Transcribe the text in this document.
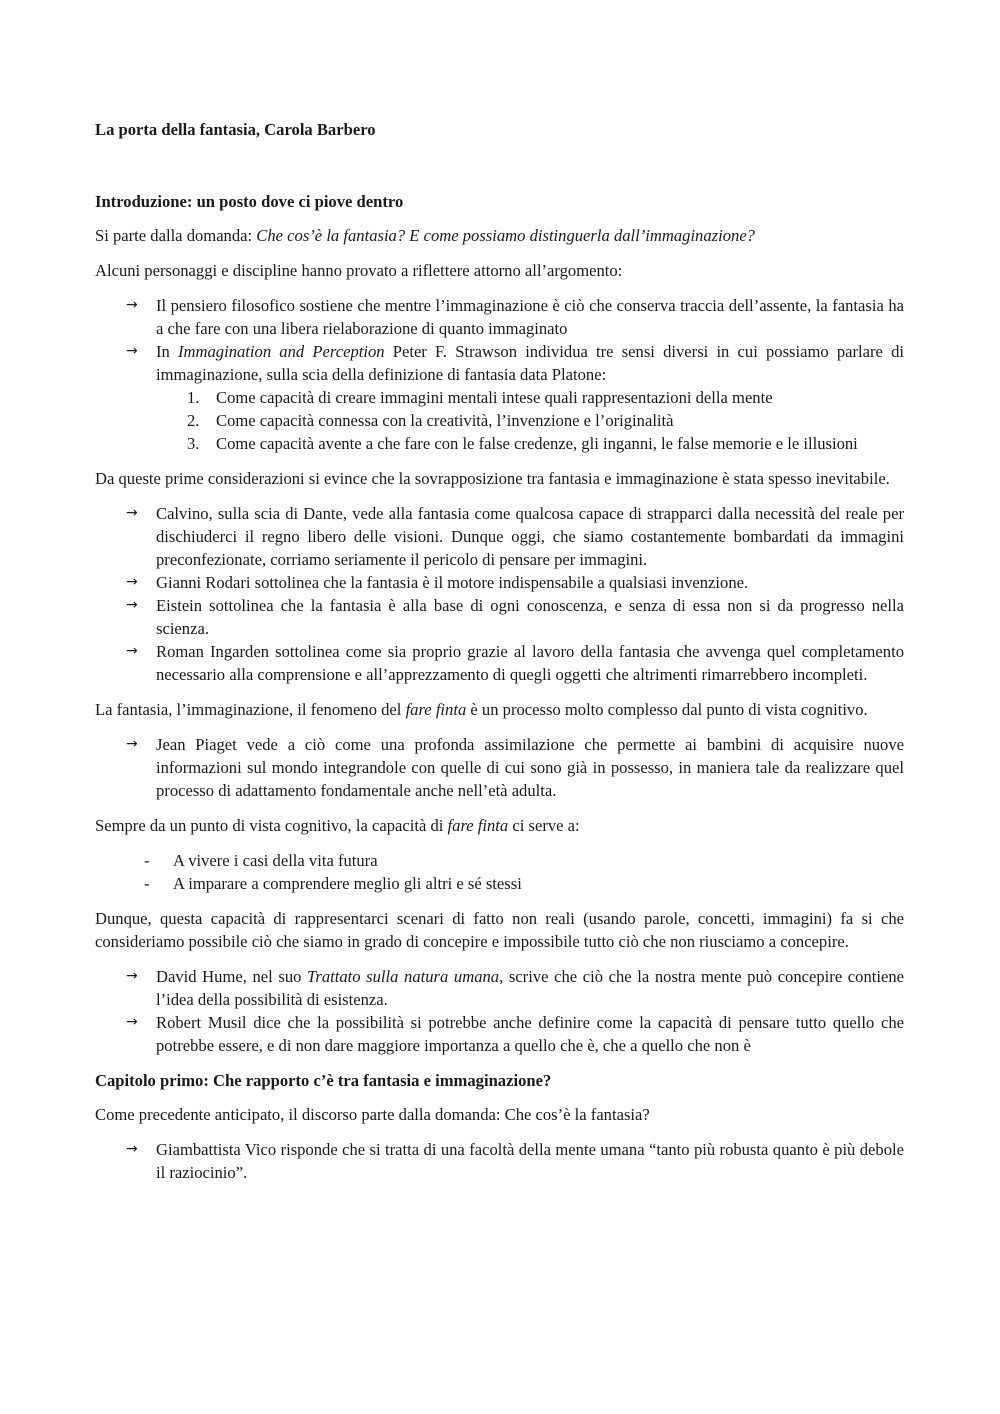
La porta della fantasia, Carola Barbero

Introduzione: un posto dove ci piove dentro

Si parte dalla domanda: Che cos’è la fantasia? E come possiamo distinguerla dall’immaginazione?

Alcuni personaggi e discipline hanno provato a riflettere attorno all’argomento:

→ Il pensiero filosofico sostiene che mentre l’immaginazione è ciò che conserva traccia dell’assente, la fantasia ha a che fare con una libera rielaborazione di quanto immaginato
→ In Immagination and Perception Peter F. Strawson individua tre sensi diversi in cui possiamo parlare di immaginazione, sulla scia della definizione di fantasia data Platone:
1. Come capacità di creare immagini mentali intese quali rappresentazioni della mente
2. Come capacità connessa con la creatività, l’invenzione e l’originalità
3. Come capacità avente a che fare con le false credenze, gli inganni, le false memorie e le illusioni

Da queste prime considerazioni si evince che la sovrapposizione tra fantasia e immaginazione è stata spesso inevitabile.

→ Calvino, sulla scia di Dante, vede alla fantasia come qualcosa capace di strapparci dalla necessità del reale per dischiuderci il regno libero delle visioni. Dunque oggi, che siamo costantemente bombardati da immagini preconfezionate, corriamo seriamente il pericolo di pensare per immagini.
→ Gianni Rodari sottolinea che la fantasia è il motore indispensabile a qualsiasi invenzione.
→ Eistein sottolinea che la fantasia è alla base di ogni conoscenza, e senza di essa non si da progresso nella scienza.
→ Roman Ingarden sottolinea come sia proprio grazie al lavoro della fantasia che avvenga quel completamento necessario alla comprensione e all’apprezzamento di quegli oggetti che altrimenti rimarrebbero incompleti.

La fantasia, l’immaginazione, il fenomeno del fare finta è un processo molto complesso dal punto di vista cognitivo.

→ Jean Piaget vede a ciò come una profonda assimilazione che permette ai bambini di acquisire nuove informazioni sul mondo integrandole con quelle di cui sono già in possesso, in maniera tale da realizzare quel processo di adattamento fondamentale anche nell’età adulta.

Sempre da un punto di vista cognitivo, la capacità di fare finta ci serve a:

- A vivere i casi della vita futura
- A imparare a comprendere meglio gli altri e sé stessi

Dunque, questa capacità di rappresentarci scenari di fatto non reali (usando parole, concetti, immagini) fa si che consideriamo possibile ciò che siamo in grado di concepire e impossibile tutto ciò che non riusciamo a concepire.

→ David Hume, nel suo Trattato sulla natura umana, scrive che ciò che la nostra mente può concepire contiene l’idea della possibilità di esistenza.
→ Robert Musil dice che la possibilità si potrebbe anche definire come la capacità di pensare tutto quello che potrebbe essere, e di non dare maggiore importanza a quello che è, che a quello che non è

Capitolo primo: Che rapporto c’è tra fantasia e immaginazione?

Come precedente anticipato, il discorso parte dalla domanda: Che cos’è la fantasia?

→ Giambattista Vico risponde che si tratta di una facoltà della mente umana “tanto più robusta quanto è più debole il raziocinio”.
